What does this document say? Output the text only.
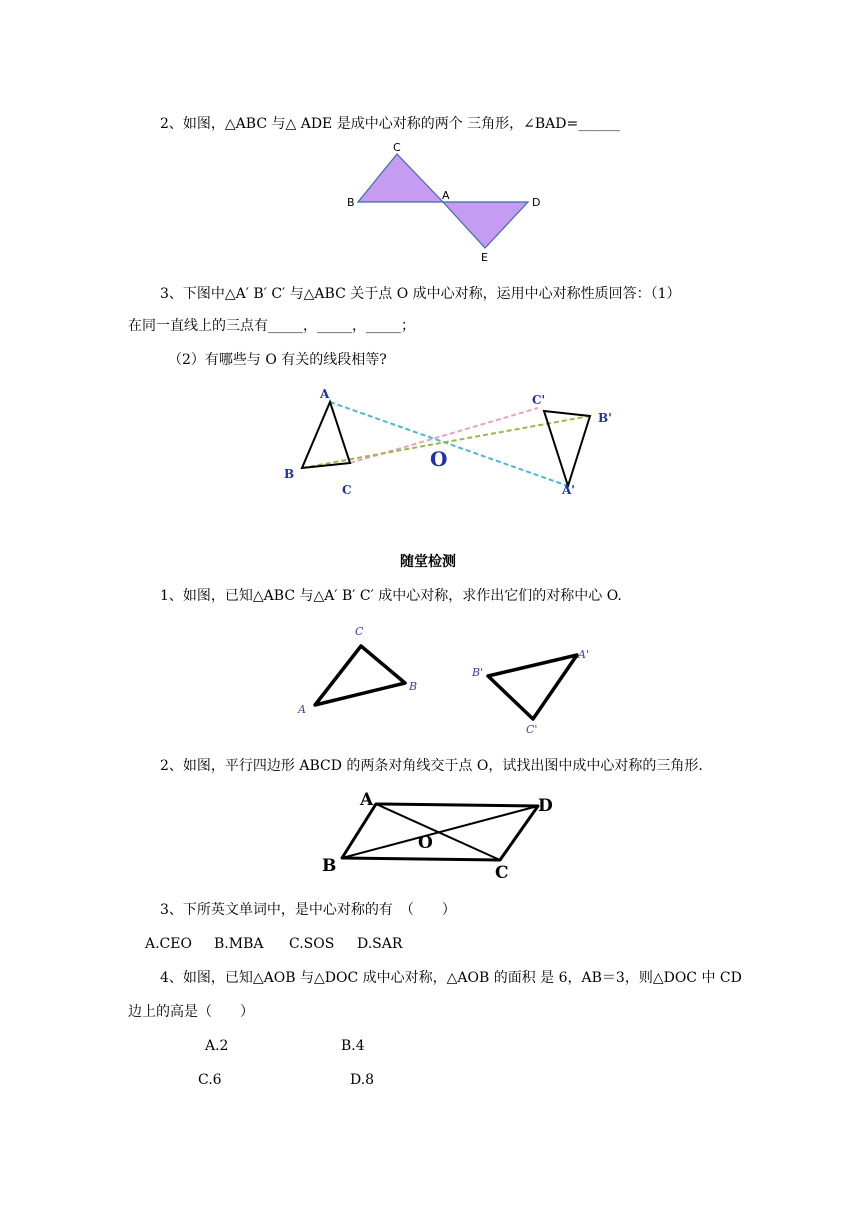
2、如图，△ABC 与△ ADE 是成中心对称的两个 三角形，∠BAD=______
C
B
A
D
E
3、下图中△A′ B′ C′ 与△ABC 关于点 O 成中心对称，运用中心对称性质回答：（1）
在同一直线上的三点有_____，_____，_____；
（2）有哪些与 O 有关的线段相等?
A
B
C
O
A'
B'
C'
随堂检测
1、如图，已知△ABC 与△A′ B′ C′ 成中心对称，求作出它们的对称中心 O.
C
A
B
B'
A'
C'
2、如图，平行四边形 ABCD 的两条对角线交于点 O，试找出图中成中心对称的三角形.
A	D
B	C
O
3、下所英文单词中，是中心对称的有　（　　）
A.CEO B.MBA C.SOS D.SAR
4、如图，已知△AOB 与△DOC 成中心对称，△AOB 的面积 是 6，AB＝3，则△DOC 中 CD
边上的高是（　　）
A.2	B.4
C.6	D.8
